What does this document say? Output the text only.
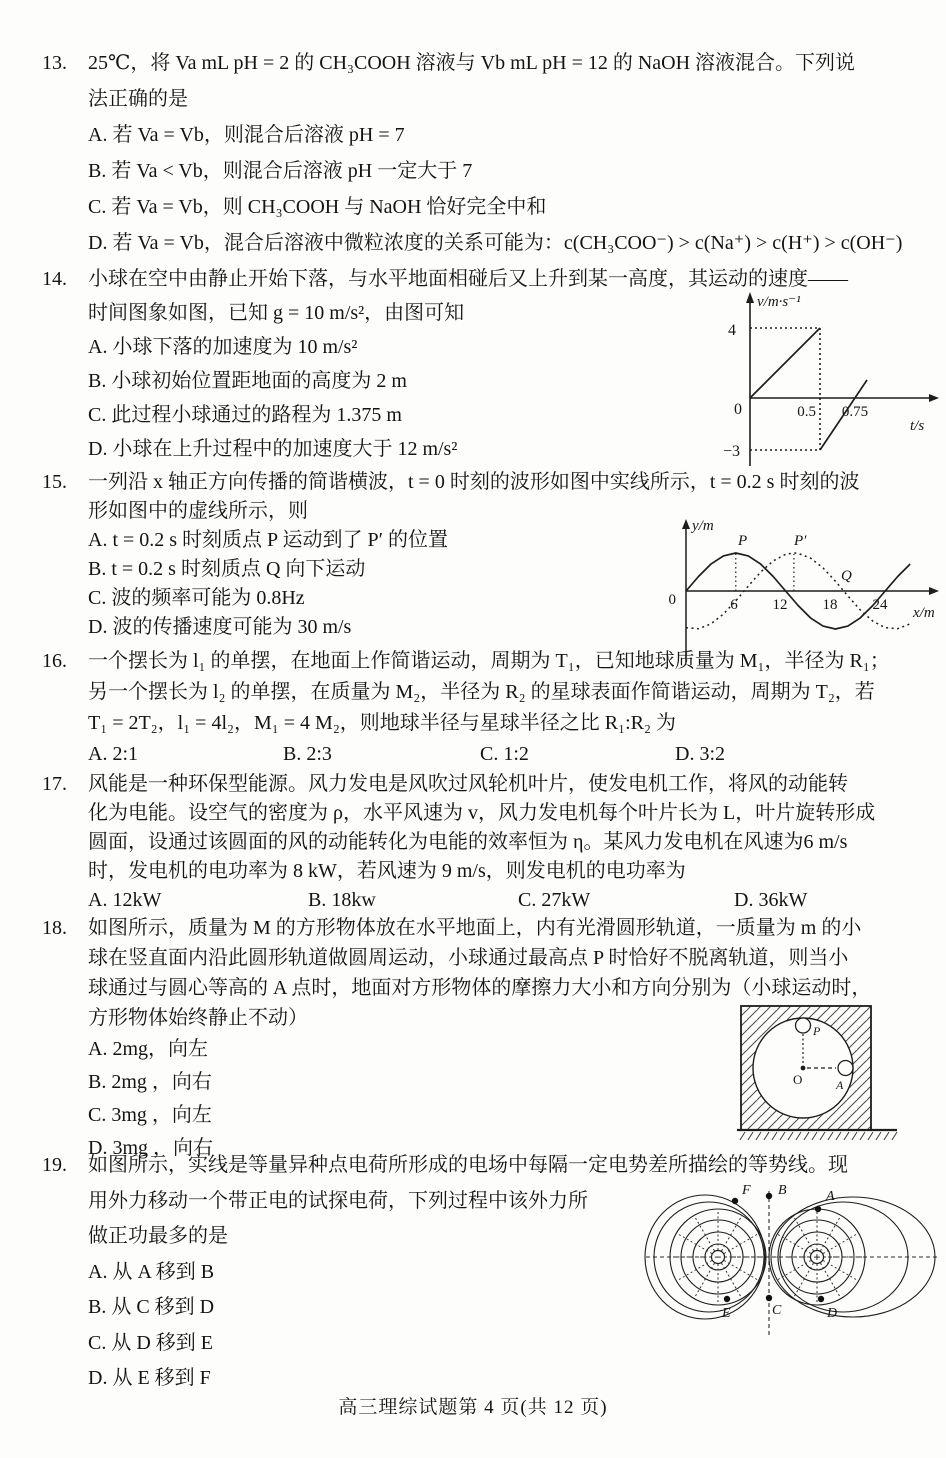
13. 25℃，将 Va mL pH = 2 的 CH₃COOH 溶液与 Vb mL pH = 12 的 NaOH 溶液混合。下列说
法正确的是
A. 若 Va = Vb，则混合后溶液 pH = 7
B. 若 Va < Vb，则混合后溶液 pH 一定大于 7
C. 若 Va = Vb，则 CH₃COOH 与 NaOH 恰好完全中和
D. 若 Va = Vb，混合后溶液中微粒浓度的关系可能为：c(CH₃COO⁻) > c(Na⁺) > c(H⁺) > c(OH⁻)
14. 小球在空中由静止开始下落，与水平地面相碰后又上升到某一高度，其运动的速度——
时间图象如图，已知 g = 10 m/s²，由图可知
A. 小球下落的加速度为 10 m/s²
B. 小球初始位置距地面的高度为 2 m
C. 此过程小球通过的路程为 1.375 m
D. 小球在上升过程中的加速度大于 12 m/s²
v/m·s⁻¹
4
0
−3
0.5 0.75
t/s
15. 一列沿 x 轴正方向传播的简谐横波，t = 0 时刻的波形如图中实线所示，t = 0.2 s 时刻的波
形如图中的虚线所示，则
A. t = 0.2 s 时刻质点 P 运动到了 P′ 的位置
B. t = 0.2 s 时刻质点 Q 向下运动
C. 波的频率可能为 0.8Hz
D. 波的传播速度可能为 30 m/s
y/m
0
P	P′
Q
6 12 18 24 x/m
16. 一个摆长为 l₁ 的单摆，在地面上作简谐运动，周期为 T₁，已知地球质量为 M₁，半径为 R₁；
另一个摆长为 l₂ 的单摆，在质量为 M₂，半径为 R₂ 的星球表面作简谐运动，周期为 T₂，若
T₁ = 2T₂，l₁ = 4l₂，M₁ = 4 M₂，则地球半径与星球半径之比 R₁:R₂ 为
A. 2:1	B. 2:3	C. 1:2	D. 3:2
17. 风能是一种环保型能源。风力发电是风吹过风轮机叶片，使发电机工作，将风的动能转
化为电能。设空气的密度为 ρ，水平风速为 v，风力发电机每个叶片长为 L，叶片旋转形成
圆面，设通过该圆面的风的动能转化为电能的效率恒为 η。某风力发电机在风速为6 m/s
时，发电机的电功率为 8 kW，若风速为 9 m/s，则发电机的电功率为
A. 12kW	B. 18kw	C. 27kW	D. 36kW
18. 如图所示，质量为 M 的方形物体放在水平地面上，内有光滑圆形轨道，一质量为 m 的小
球在竖直面内沿此圆形轨道做圆周运动，小球通过最高点 P 时恰好不脱离轨道，则当小
球通过与圆心等高的 A 点时，地面对方形物体的摩擦力大小和方向分别为（小球运动时，
方形物体始终静止不动）
A. 2mg，向左
B. 2mg ，向右
C. 3mg ，向左
D. 3mg ，向右
P
A
O
19. 如图所示，实线是等量异种点电荷所形成的电场中每隔一定电势差所描绘的等势线。现
用外力移动一个带正电的试探电荷，下列过程中该外力所
做正功最多的是
A. 从 A 移到 B
B. 从 C 移到 D
C. 从 D 移到 E
D. 从 E 移到 F
−	+
F B	A
E	C	D
高三理综试题第 4 页(共 12 页)
